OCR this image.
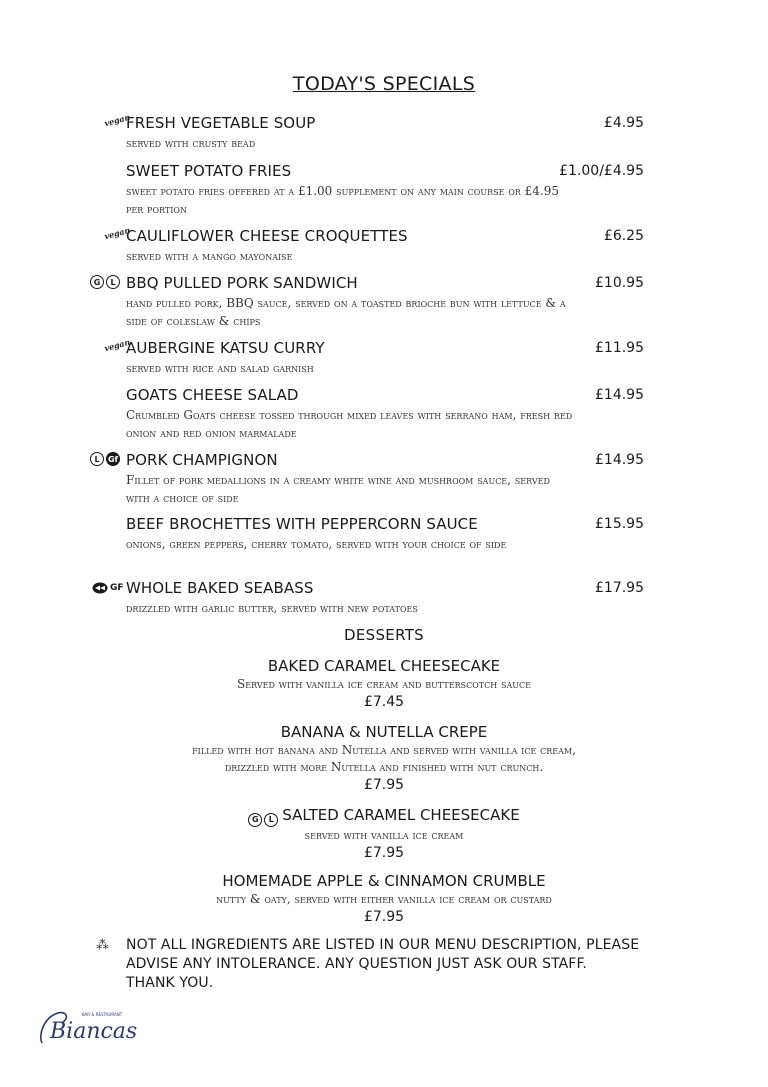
TODAY'S SPECIALS
vegan
FRESH VEGETABLE SOUP
served with crusty bead
£4.95
SWEET POTATO FRIES
sweet potato fries offered at a £1.00 supplement on any main course or £4.95 per portion
£1.00/£4.95
vegan
CAULIFLOWER CHEESE CROQUETTES
served with a mango mayonaise
£6.25
G	L BBQ PULLED PORK SANDWICH
hand pulled pork, BBQ sauce, served on a toasted brioche bun with lettuce & a side of coleslaw & chips
£10.95
vegan
AUBERGINE KATSU CURRY
served with rice and salad garnish
£11.95
GOATS CHEESE SALAD
Crumbled Goats cheese tossed through mixed leaves with serrano ham, fresh red onion and red onion marmalade
£14.95
L	Gf PORK CHAMPIGNON
Fillet of pork medallions in a creamy white wine and mushroom sauce, served with a choice of side
£14.95
BEEF BROCHETTES WITH PEPPERCORN SAUCE
onions, green peppers, cherry tomato, served with your choice of side
£15.95
GF WHOLE BAKED SEABASS
drizzled with garlic butter, served with new potatoes
£17.95
DESSERTS
BAKED CARAMEL CHEESECAKE
Served with vanilla ice cream and butterscotch sauce
£7.45
BANANA & NUTELLA CREPE
filled with hot banana and Nutella and served with vanilla ice cream,
drizzled with more Nutella and finished with nut crunch.
£7.95
G	L SALTED CARAMEL CHEESECAKE
served with vanilla ice cream
£7.95
HOMEMADE APPLE & CINNAMON CRUMBLE
nutty & oaty, served with either vanilla ice cream or custard
£7.95
⁂ NOT ALL INGREDIENTS ARE LISTED IN OUR MENU DESCRIPTION, PLEASE
ADVISE ANY INTOLERANCE. ANY QUESTION JUST ASK OUR STAFF.
THANK YOU.
BAR & RESTAURANT
Biancas
